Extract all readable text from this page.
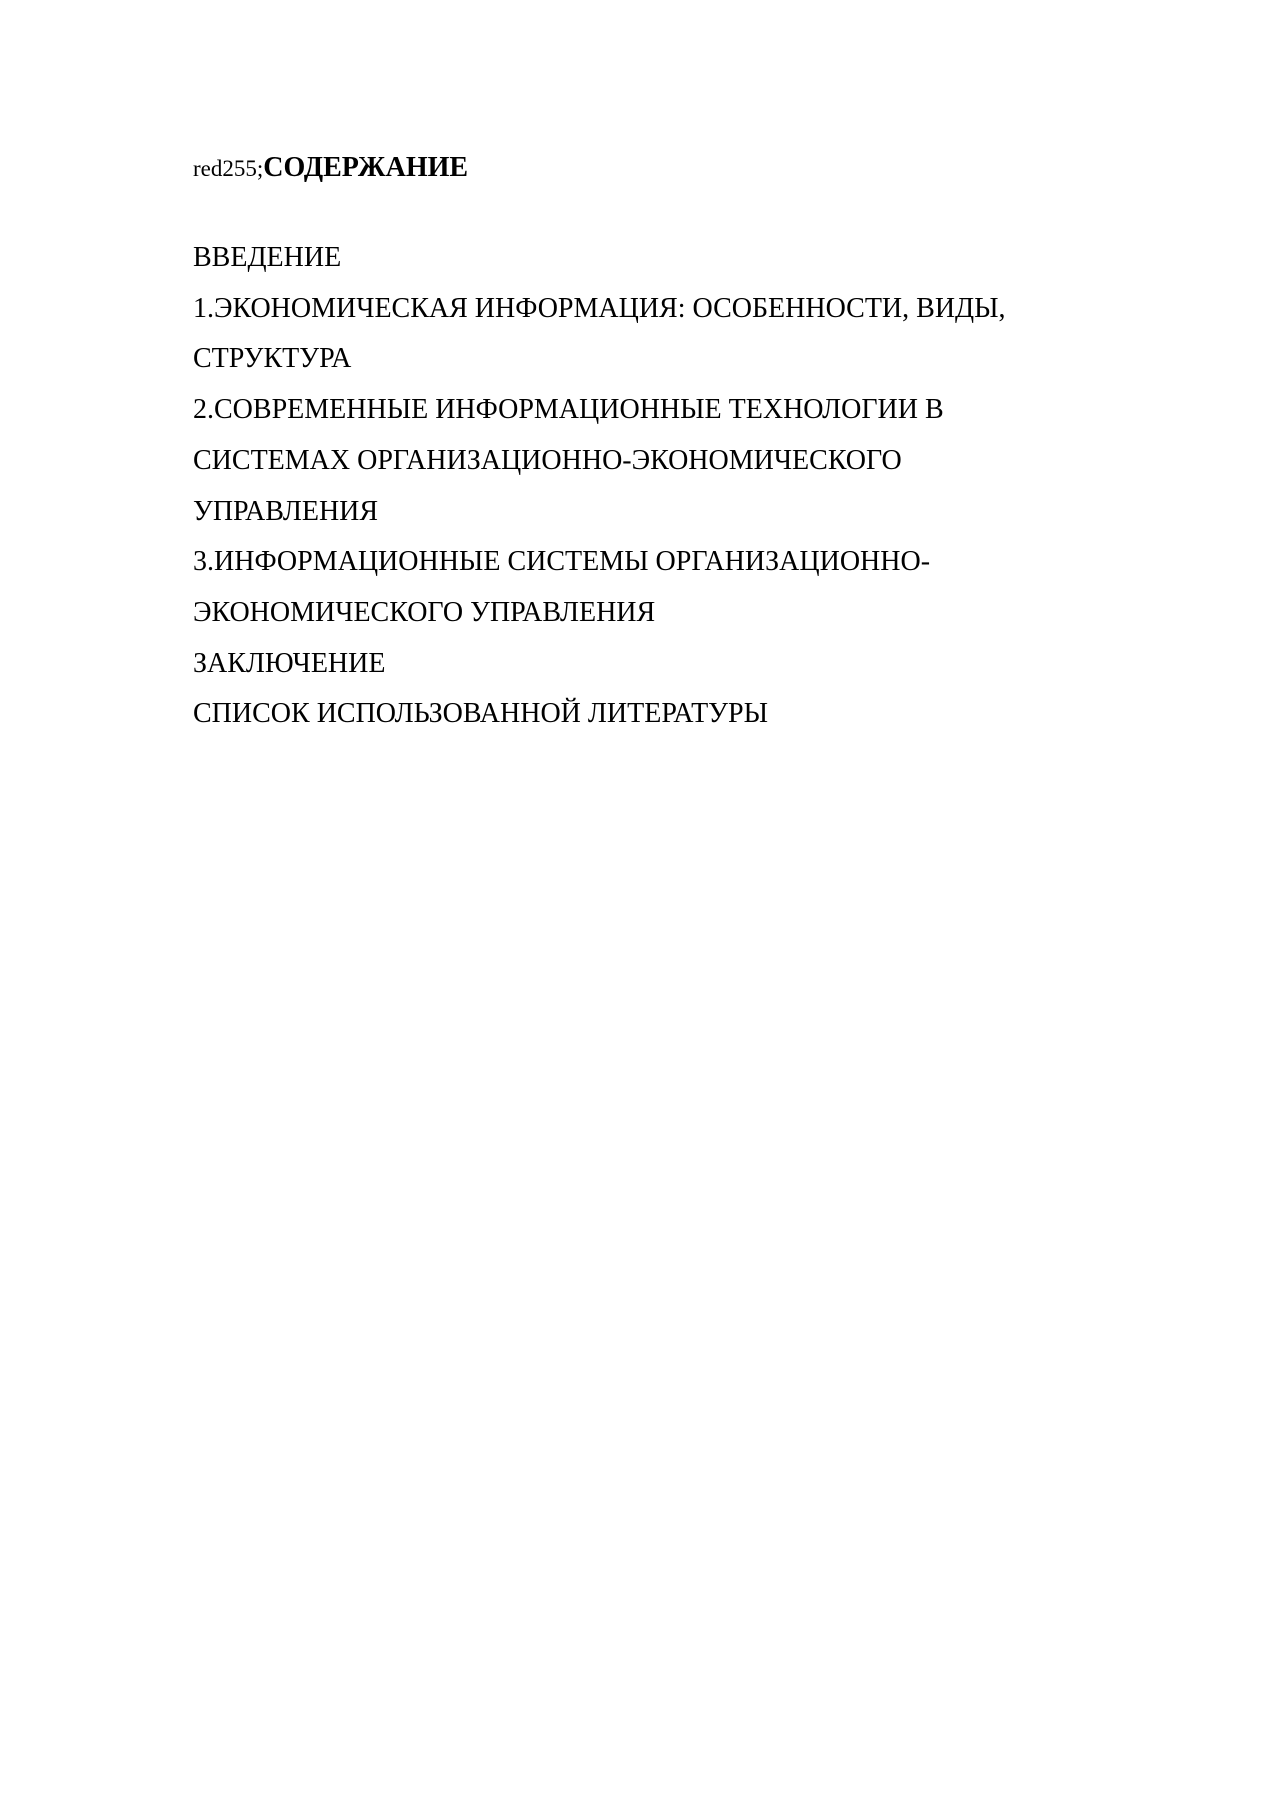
red255;СОДЕРЖАНИЕ

ВВЕДЕНИЕ

1.ЭКОНОМИЧЕСКАЯ ИНФОРМАЦИЯ: ОСОБЕННОСТИ, ВИДЫ, СТРУКТУРА

2.СОВРЕМЕННЫЕ ИНФОРМАЦИОННЫЕ ТЕХНОЛОГИИ В СИСТЕМАХ ОРГАНИЗАЦИОННО-ЭКОНОМИЧЕСКОГО УПРАВЛЕНИЯ

3.ИНФОРМАЦИОННЫЕ СИСТЕМЫ ОРГАНИЗАЦИОННО-ЭКОНОМИЧЕСКОГО УПРАВЛЕНИЯ

ЗАКЛЮЧЕНИЕ

СПИСОК ИСПОЛЬЗОВАННОЙ ЛИТЕРАТУРЫ
